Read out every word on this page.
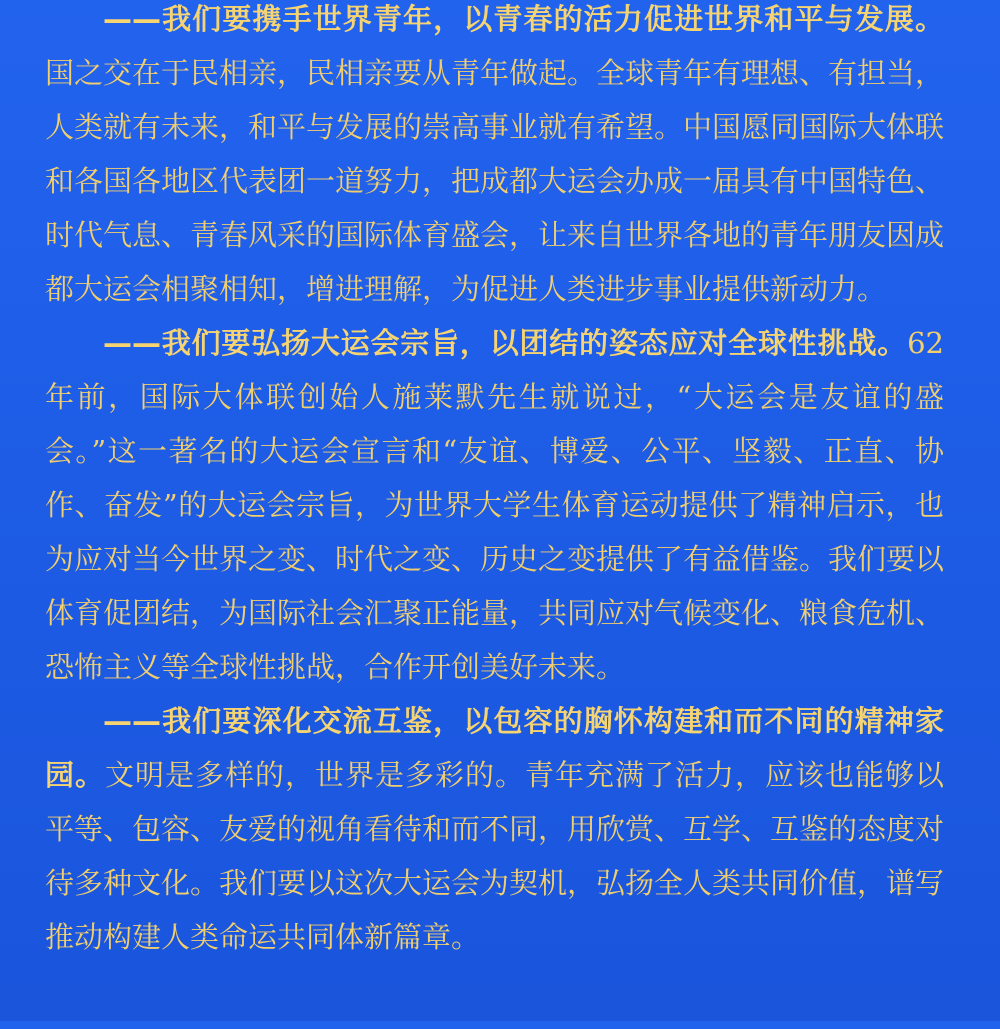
——我们要携手世界青年，以青春的活力促进世界和平与发展。国之交在于民相亲，民相亲要从青年做起。全球青年有理想、有担当，人类就有未来，和平与发展的崇高事业就有希望。中国愿同国际大体联和各国各地区代表团一道努力，把成都大运会办成一届具有中国特色、时代气息、青春风采的国际体育盛会，让来自世界各地的青年朋友因成都大运会相聚相知，增进理解，为促进人类进步事业提供新动力。

——我们要弘扬大运会宗旨，以团结的姿态应对全球性挑战。62年前，国际大体联创始人施莱默先生就说过，“大运会是友谊的盛会。”这一著名的大运会宣言和“友谊、博爱、公平、坚毅、正直、协作、奋发”的大运会宗旨，为世界大学生体育运动提供了精神启示，也为应对当今世界之变、时代之变、历史之变提供了有益借鉴。我们要以体育促团结，为国际社会汇聚正能量，共同应对气候变化、粮食危机、恐怖主义等全球性挑战，合作开创美好未来。

——我们要深化交流互鉴，以包容的胸怀构建和而不同的精神家园。文明是多样的，世界是多彩的。青年充满了活力，应该也能够以平等、包容、友爱的视角看待和而不同，用欣赏、互学、互鉴的态度对待多种文化。我们要以这次大运会为契机，弘扬全人类共同价值，谱写推动构建人类命运共同体新篇章。
